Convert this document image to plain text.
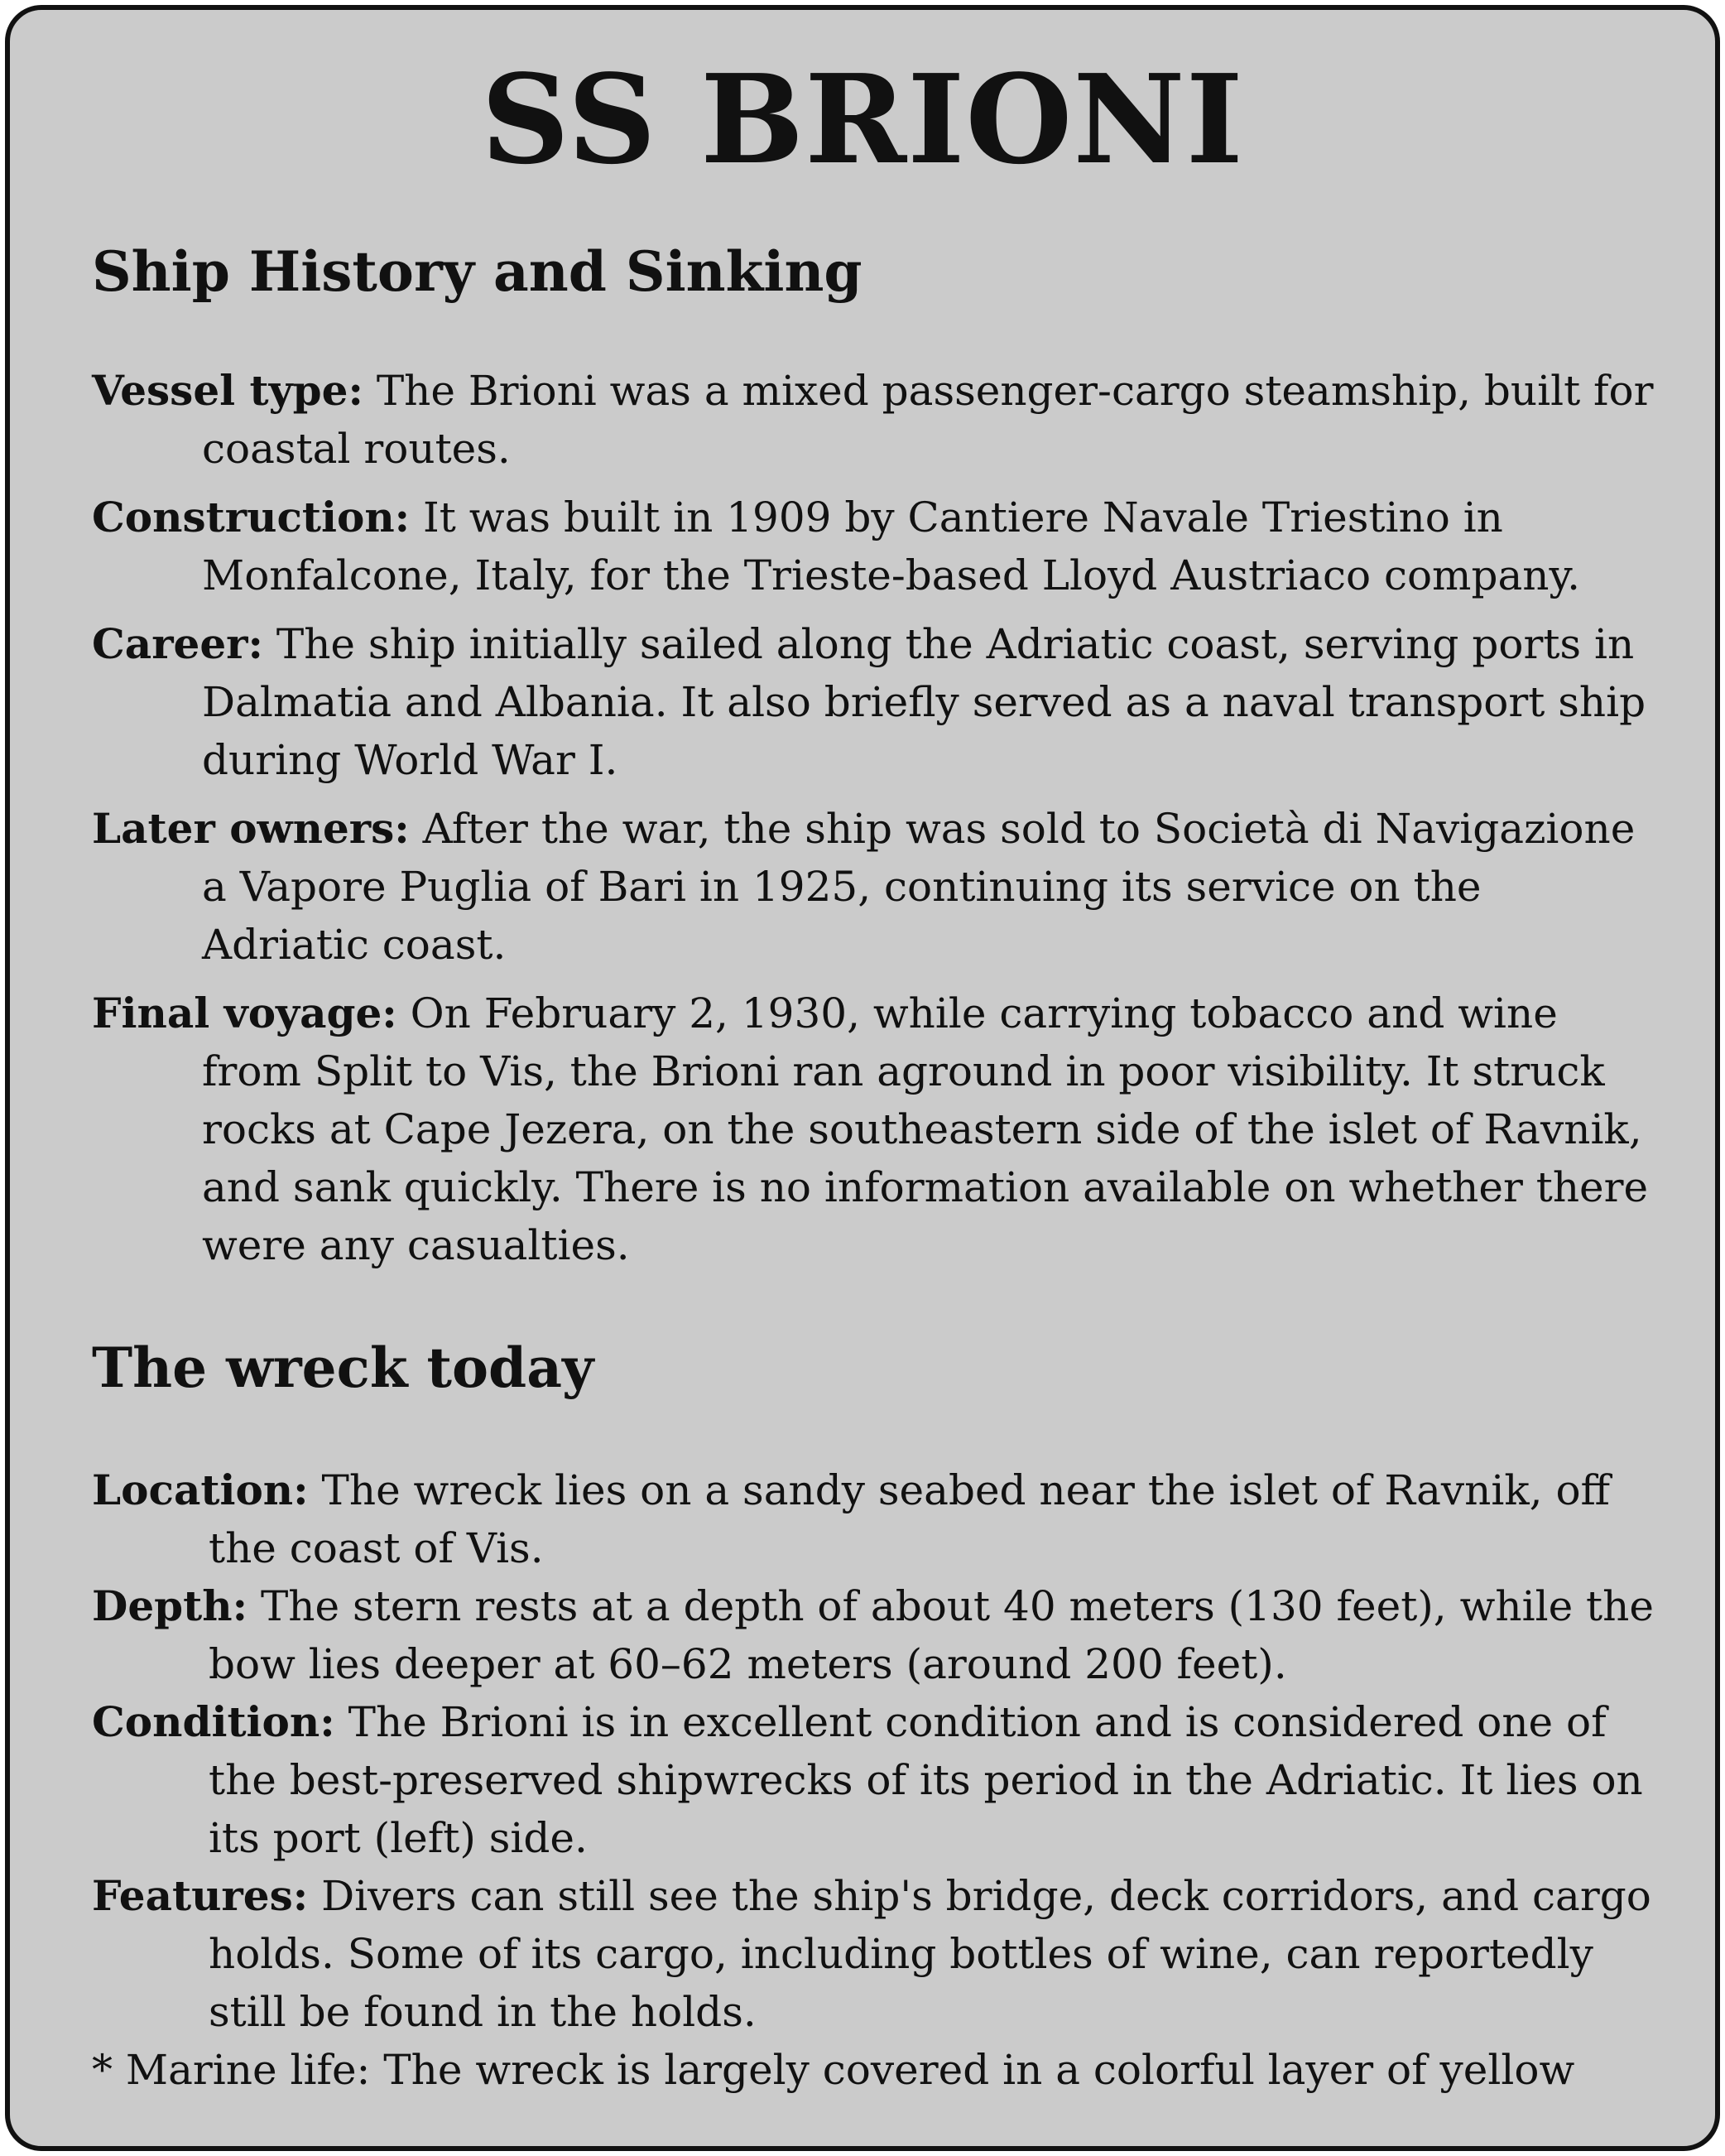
SS BRIONI
Ship History and Sinking
Vessel type: The Brioni was a mixed passenger-cargo steamship, built for coastal routes.
Construction: It was built in 1909 by Cantiere Navale Triestino in Monfalcone, Italy, for the Trieste-based Lloyd Austriaco company.
Career: The ship initially sailed along the Adriatic coast, serving ports in Dalmatia and Albania. It also briefly served as a naval transport ship during World War I.
Later owners: After the war, the ship was sold to Società di Navigazione a Vapore Puglia of Bari in 1925, continuing its service on the Adriatic coast.
Final voyage: On February 2, 1930, while carrying tobacco and wine from Split to Vis, the Brioni ran aground in poor visibility. It struck rocks at Cape Jezera, on the southeastern side of the islet of Ravnik, and sank quickly. There is no information available on whether there were any casualties.
The wreck today
Location: The wreck lies on a sandy seabed near the islet of Ravnik, off the coast of Vis.
Depth: The stern rests at a depth of about 40 meters (130 feet), while the bow lies deeper at 60–62 meters (around 200 feet).
Condition: The Brioni is in excellent condition and is considered one of the best-preserved shipwrecks of its period in the Adriatic. It lies on its port (left) side.
Features: Divers can still see the ship's bridge, deck corridors, and cargo holds. Some of its cargo, including bottles of wine, can reportedly still be found in the holds.
* Marine life: The wreck is largely covered in a colorful layer of yellow
